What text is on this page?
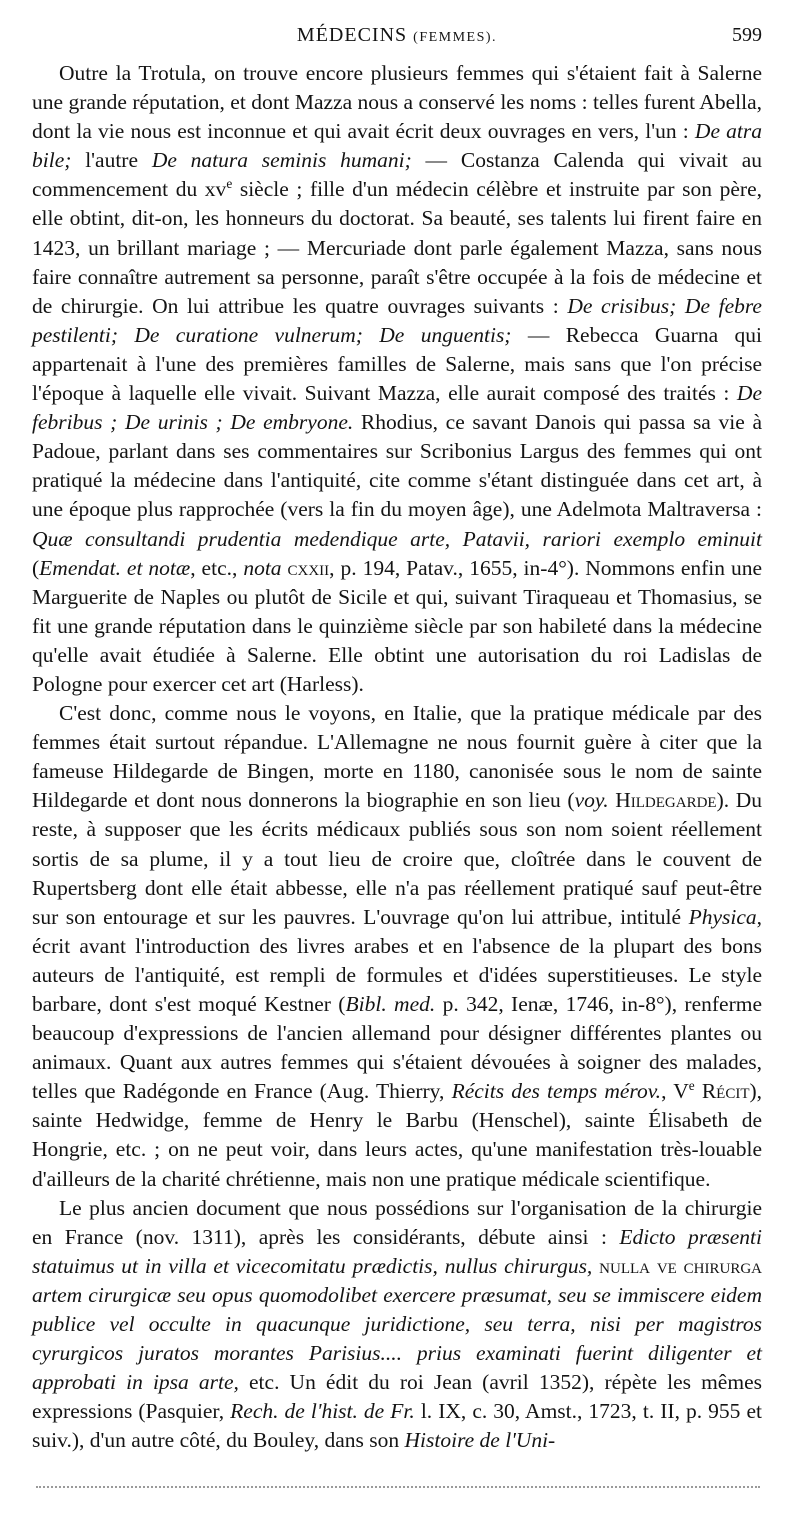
MÉDECINS (FEMMES).	599

Outre la Trotula, on trouve encore plusieurs femmes qui s'étaient fait à Salerne une grande réputation, et dont Mazza nous a conservé les noms : telles furent Abella, dont la vie nous est inconnue et qui avait écrit deux ouvrages en vers, l'un : De atra bile; l'autre De natura seminis humani; — Costanza Calenda qui vivait au commencement du $xv^e$ siècle ; fille d'un médecin célèbre et instruite par son père, elle obtint, dit-on, les honneurs du doctorat. Sa beauté, ses talents lui firent faire en 1423, un brillant mariage ; — Mercuriade dont parle également Mazza, sans nous faire connaître autrement sa personne, paraît s'être occupée à la fois de médecine et de chirurgie. On lui attribue les quatre ouvrages suivants : De crisibus; De febre pestilenti; De curatione vulnerum; De unguentis; — Rebecca Guarna qui appartenait à l'une des premières familles de Salerne, mais sans que l'on précise l'époque à laquelle elle vivait. Suivant Mazza, elle aurait composé des traités : De febribus ; De urinis ; De embryone. Rhodius, ce savant Danois qui passa sa vie à Padoue, parlant dans ses commentaires sur Scribonius Largus des femmes qui ont pratiqué la médecine dans l'antiquité, cite comme s'étant distinguée dans cet art, à une époque plus rapprochée (vers la fin du moyen âge), une Adelmota Maltraversa : Quæ consultandi prudentia medendique arte, Patavii, rariori exemplo eminuit (Emendat. et notæ, etc., nota cxxii, p. 194, Patav., 1655, in-4°). Nommons enfin une Marguerite de Naples ou plutôt de Sicile et qui, suivant Tiraqueau et Thomasius, se fit une grande réputation dans le quinzième siècle par son habileté dans la médecine qu'elle avait étudiée à Salerne. Elle obtint une autorisation du roi Ladislas de Pologne pour exercer cet art (Harless).

C'est donc, comme nous le voyons, en Italie, que la pratique médicale par des femmes était surtout répandue. L'Allemagne ne nous fournit guère à citer que la fameuse Hildegarde de Bingen, morte en 1180, canonisée sous le nom de sainte Hildegarde et dont nous donnerons la biographie en son lieu (voy. Hildegarde). Du reste, à supposer que les écrits médicaux publiés sous son nom soient réellement sortis de sa plume, il y a tout lieu de croire que, cloîtrée dans le couvent de Rupertsberg dont elle était abbesse, elle n'a pas réellement pratiqué sauf peut-être sur son entourage et sur les pauvres. L'ouvrage qu'on lui attribue, intitulé Physica, écrit avant l'introduction des livres arabes et en l'absence de la plupart des bons auteurs de l'antiquité, est rempli de formules et d'idées superstitieuses. Le style barbare, dont s'est moqué Kestner (Bibl. med. p. 342, Ienæ, 1746, in-8°), renferme beaucoup d'expressions de l'ancien allemand pour désigner différentes plantes ou animaux. Quant aux autres femmes qui s'étaient dévouées à soigner des malades, telles que Radégonde en France (Aug. Thierry, Récits des temps mérov., Ve Récit), sainte Hedwidge, femme de Henry le Barbu (Henschel), sainte Élisabeth de Hongrie, etc. ; on ne peut voir, dans leurs actes, qu'une manifestation très-louable d'ailleurs de la charité chrétienne, mais non une pratique médicale scientifique.

Le plus ancien document que nous possédions sur l'organisation de la chirurgie en France (nov. 1311), après les considérants, débute ainsi : Edicto præsenti statuimus ut in villa et vicecomitatu prædictis, nullus chirurgus, nulla ve chirurga artem cirurgicæ seu opus quomodolibet exercere præsumat, seu se immiscere eidem publice vel occulte in quacunque juridictione, seu terra, nisi per magistros cyrurgicos juratos morantes Parisius.... prius examinati fuerint diligenter et approbati in ipsa arte, etc. Un édit du roi Jean (avril 1352), répète les mêmes expressions (Pasquier, Rech. de l'hist. de Fr. l. IX, c. 30, Amst., 1723, t. II, p. 955 et suiv.), d'un autre côté, du Bouley, dans son Histoire de l'Uni-
